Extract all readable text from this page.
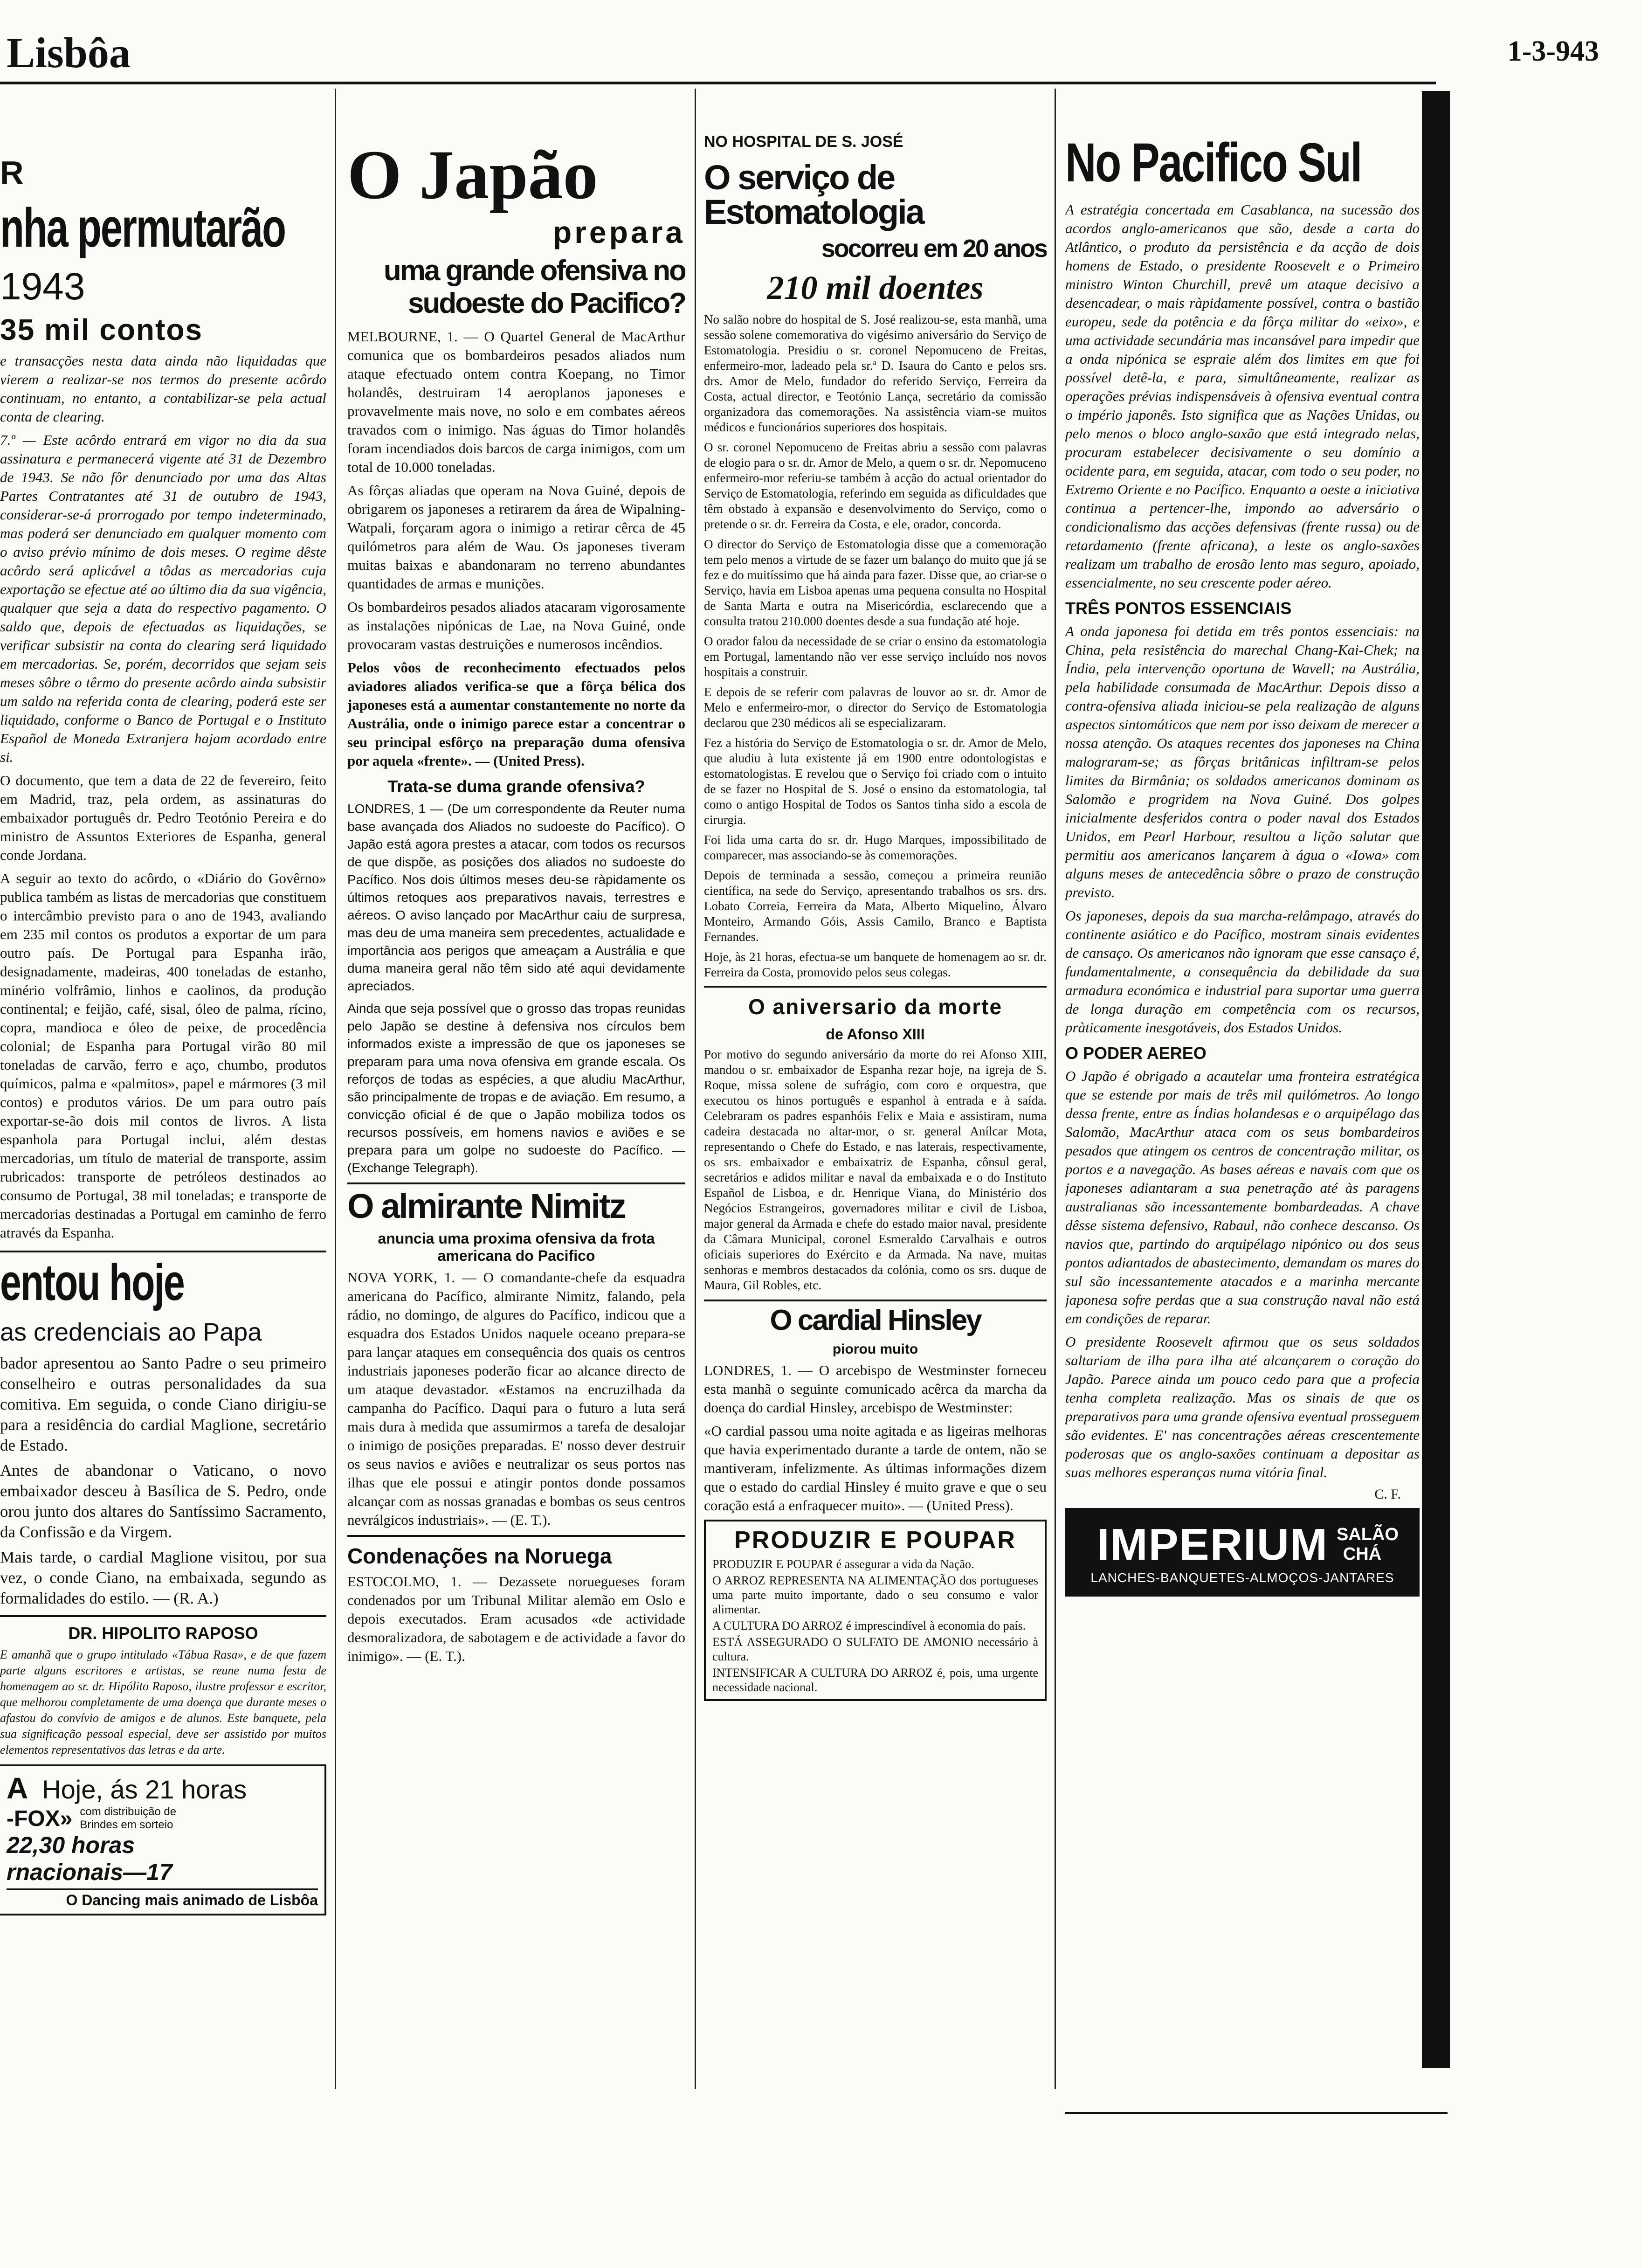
Lisbôa	1-3-943
R
nha permutarão
1943
35 mil contos

e transacções nesta data ainda não liquidadas que vierem a realizar-se nos termos do presente acôrdo continuam, no entanto, a contabilizar-se pela actual conta de clearing.

7.º — Este acôrdo entrará em vigor no dia da sua assinatura e permanecerá vigente até 31 de Dezembro de 1943. Se não fôr denunciado por uma das Altas Partes Contratantes até 31 de outubro de 1943, considerar-se-á prorrogado por tempo indeterminado, mas poderá ser denunciado em qualquer momento com o aviso prévio mínimo de dois meses. O regime dêste acôrdo será aplicável a tôdas as mercadorias cuja exportação se efectue até ao último dia da sua vigência, qualquer que seja a data do respectivo pagamento. O saldo que, depois de efectuadas as liquidações, se verificar subsistir na conta do clearing será liquidado em mercadorias. Se, porém, decorridos que sejam seis meses sôbre o têrmo do presente acôrdo ainda subsistir um saldo na referida conta de clearing, poderá este ser liquidado, conforme o Banco de Portugal e o Instituto Español de Moneda Extranjera hajam acordado entre si.

O documento, que tem a data de 22 de fevereiro, feito em Madrid, traz, pela ordem, as assinaturas do embaixador português dr. Pedro Teotónio Pereira e do ministro de Assuntos Exteriores de Espanha, general conde Jordana.

A seguir ao texto do acôrdo, o «Diário do Govêrno» publica também as listas de mercadorias que constituem o intercâmbio previsto para o ano de 1943, avaliando em 235 mil contos os produtos a exportar de um para outro país. De Portugal para Espanha irão, designadamente, madeiras, 400 toneladas de estanho, minério volfrâmio, linhos e caolinos, da produção continental; e feijão, café, sisal, óleo de palma, rícino, copra, mandioca e óleo de peixe, de procedência colonial; de Espanha para Portugal virão 80 mil toneladas de carvão, ferro e aço, chumbo, produtos químicos, palma e «palmitos», papel e mármores (3 mil contos) e produtos vários. De um para outro país exportar-se-ão dois mil contos de livros. A lista espanhola para Portugal inclui, além destas mercadorias, um título de material de transporte, assim rubricados: transporte de petróleos destinados ao consumo de Portugal, 38 mil toneladas; e transporte de mercadorias destinadas a Portugal em caminho de ferro através da Espanha.

entou hoje
as credenciais ao Papa

bador apresentou ao Santo Padre o seu primeiro conselheiro e outras personalidades da sua comitiva. Em seguida, o conde Ciano dirigiu-se para a residência do cardial Maglione, secretário de Estado.

Antes de abandonar o Vaticano, o novo embaixador desceu à Basílica de S. Pedro, onde orou junto dos altares do Santíssimo Sacramento, da Confissão e da Virgem.

Mais tarde, o cardial Maglione visitou, por sua vez, o conde Ciano, na embaixada, segundo as formalidades do estilo. — (R. A.)

DR. HIPOLITO RAPOSO

E amanhã que o grupo intitulado «Tábua Rasa», e de que fazem parte alguns escritores e artistas, se reune numa festa de homenagem ao sr. dr. Hipólito Raposo, ilustre professor e escritor, que melhorou completamente de uma doença que durante meses o afastou do convívio de amigos e de alunos. Este banquete, pela sua significação pessoal especial, deve ser assistido por muitos elementos representativos das letras e da arte.

A Hoje, ás 21 horas
-FOX» com distribuição de Brindes em sorteio
22,30 horas
rnacionais—17
O Dancing mais animado de Lisbôa
O Japão
prepara
uma grande ofensiva no sudoeste do Pacifico?

MELBOURNE, 1. — O Quartel General de MacArthur comunica que os bombardeiros pesados aliados num ataque efectuado ontem contra Koepang, no Timor holandês, destruiram 14 aeroplanos japoneses e provavelmente mais nove, no solo e em combates aéreos travados com o inimigo. Nas águas do Timor holandês foram incendiados dois barcos de carga inimigos, com um total de 10.000 toneladas.

As fôrças aliadas que operam na Nova Guiné, depois de obrigarem os japoneses a retirarem da área de Wipalning-Watpali, forçaram agora o inimigo a retirar cêrca de 45 quilómetros para além de Wau. Os japoneses tiveram muitas baixas e abandonaram no terreno abundantes quantidades de armas e munições.

Os bombardeiros pesados aliados atacaram vigorosamente as instalações nipónicas de Lae, na Nova Guiné, onde provocaram vastas destruições e numerosos incêndios.

Pelos vôos de reconhecimento efectuados pelos aviadores aliados verifica-se que a fôrça bélica dos japoneses está a aumentar constantemente no norte da Austrália, onde o inimigo parece estar a concentrar o seu principal esfôrço na preparação duma ofensiva por aquela «frente». — (United Press).

Trata-se duma grande ofensiva?

LONDRES, 1 — (De um correspondente da Reuter numa base avançada dos Aliados no sudoeste do Pacífico). O Japão está agora prestes a atacar, com todos os recursos de que dispõe, as posições dos aliados no sudoeste do Pacífico. Nos dois últimos meses deu-se ràpidamente os últimos retoques aos preparativos navais, terrestres e aéreos. O aviso lançado por MacArthur caiu de surpresa, mas deu de uma maneira sem precedentes, actualidade e importância aos perigos que ameaçam a Austrália e que duma maneira geral não têm sido até aqui devidamente apreciados.

Ainda que seja possível que o grosso das tropas reunidas pelo Japão se destine à defensiva nos círculos bem informados existe a impressão de que os japoneses se preparam para uma nova ofensiva em grande escala. Os reforços de todas as espécies, a que aludiu MacArthur, são principalmente de tropas e de aviação. Em resumo, a convicção oficial é de que o Japão mobiliza todos os recursos possíveis, em homens navios e aviões e se prepara para um golpe no sudoeste do Pacífico. — (Exchange Telegraph).

O almirante Nimitz
anuncia uma proxima ofensiva da frota americana do Pacifico

NOVA YORK, 1. — O comandante-chefe da esquadra americana do Pacífico, almirante Nimitz, falando, pela rádio, no domingo, de algures do Pacífico, indicou que a esquadra dos Estados Unidos naquele oceano prepara-se para lançar ataques em consequência dos quais os centros industriais japoneses poderão ficar ao alcance directo de um ataque devastador. «Estamos na encruzilhada da campanha do Pacífico. Daqui para o futuro a luta será mais dura à medida que assumirmos a tarefa de desalojar o inimigo de posições preparadas. E' nosso dever destruir os seus navios e aviões e neutralizar os seus portos nas ilhas que ele possui e atingir pontos donde possamos alcançar com as nossas granadas e bombas os seus centros nevrálgicos industriais». — (E. T.).

Condenações na Noruega

ESTOCOLMO, 1. — Dezassete noruegueses foram condenados por um Tribunal Militar alemão em Oslo e depois executados. Eram acusados «de actividade desmoralizadora, de sabotagem e de actividade a favor do inimigo». — (E. T.).

NO HOSPITAL DE S. JOSÉ
O serviço de Estomatologia
socorreu em 20 anos
210 mil doentes

No salão nobre do hospital de S. José realizou-se, esta manhã, uma sessão solene comemorativa do vigésimo aniversário do Serviço de Estomatologia. Presidiu o sr. coronel Nepomuceno de Freitas, enfermeiro-mor, ladeado pela sr.ª D. Isaura do Canto e pelos srs. drs. Amor de Melo, fundador do referido Serviço, Ferreira da Costa, actual director, e Teotónio Lança, secretário da comissão organizadora das comemorações. Na assistência viam-se muitos médicos e funcionários superiores dos hospitais.

O sr. coronel Nepomuceno de Freitas abriu a sessão com palavras de elogio para o sr. dr. Amor de Melo, a quem o sr. dr. Nepomuceno enfermeiro-mor referiu-se também à acção do actual orientador do Serviço de Estomatologia, referindo em seguida as dificuldades que têm obstado à expansão e desenvolvimento do Serviço, como o pretende o sr. dr. Ferreira da Costa, e ele, orador, concorda.

O director do Serviço de Estomatologia disse que a comemoração tem pelo menos a virtude de se fazer um balanço do muito que já se fez e do muitíssimo que há ainda para fazer. Disse que, ao criar-se o Serviço, havia em Lisboa apenas uma pequena consulta no Hospital de Santa Marta e outra na Misericórdia, esclarecendo que a consulta tratou 210.000 doentes desde a sua fundação até hoje.

O orador falou da necessidade de se criar o ensino da estomatologia em Portugal, lamentando não ver esse serviço incluído nos novos hospitais a construir.

E depois de se referir com palavras de louvor ao sr. dr. Amor de Melo e enfermeiro-mor, o director do Serviço de Estomatologia declarou que 230 médicos ali se especializaram.

Fez a história do Serviço de Estomatologia o sr. dr. Amor de Melo, que aludiu à luta existente já em 1900 entre odontologistas e estomatologistas. E revelou que o Serviço foi criado com o intuito de se fazer no Hospital de S. José o ensino da estomatologia, tal como o antigo Hospital de Todos os Santos tinha sido a escola de cirurgia.

Foi lida uma carta do sr. dr. Hugo Marques, impossibilitado de comparecer, mas associando-se às comemorações.

Depois de terminada a sessão, começou a primeira reunião científica, na sede do Serviço, apresentando trabalhos os srs. drs. Lobato Correia, Ferreira da Mata, Alberto Miquelino, Álvaro Monteiro, Armando Góis, Assis Camilo, Branco e Baptista Fernandes.

Hoje, às 21 horas, efectua-se um banquete de homenagem ao sr. dr. Ferreira da Costa, promovido pelos seus colegas.

O aniversario da morte
de Afonso XIII

Por motivo do segundo aniversário da morte do rei Afonso XIII, mandou o sr. embaixador de Espanha rezar hoje, na igreja de S. Roque, missa solene de sufrágio, com coro e orquestra, que executou os hinos português e espanhol à entrada e à saída. Celebraram os padres espanhóis Felix e Maia e assistiram, numa cadeira destacada no altar-mor, o sr. general Anílcar Mota, representando o Chefe do Estado, e nas laterais, respectivamente, os srs. embaixador e embaixatriz de Espanha, cônsul geral, secretários e adidos militar e naval da embaixada e o do Instituto Español de Lisboa, e dr. Henrique Viana, do Ministério dos Negócios Estrangeiros, governadores militar e civil de Lisboa, major general da Armada e chefe do estado maior naval, presidente da Câmara Municipal, coronel Esmeraldo Carvalhais e outros oficiais superiores do Exército e da Armada. Na nave, muitas senhoras e membros destacados da colónia, como os srs. duque de Maura, Gil Robles, etc.

O cardial Hinsley
piorou muito

LONDRES, 1. — O arcebispo de Westminster forneceu esta manhã o seguinte comunicado acêrca da marcha da doença do cardial Hinsley, arcebispo de Westminster:

«O cardial passou uma noite agitada e as ligeiras melhoras que havia experimentado durante a tarde de ontem, não se mantiveram, infelizmente. As últimas informações dizem que o estado do cardial Hinsley é muito grave e que o seu coração está a enfraquecer muito». — (United Press).

PRODUZIR E POUPAR

PRODUZIR E POUPAR é assegurar a vida da Nação.

O ARROZ REPRESENTA NA ALIMENTAÇÃO dos portugueses uma parte muito importante, dado o seu consumo e valor alimentar.

A CULTURA DO ARROZ é imprescindível à economia do país.

ESTÁ ASSEGURADO O SULFATO DE AMONIO necessário à cultura.

INTENSIFICAR A CULTURA DO ARROZ é, pois, uma urgente necessidade nacional.

No Pacifico Sul

A estratégia concertada em Casablanca, na sucessão dos acordos anglo-americanos que são, desde a carta do Atlântico, o produto da persistência e da acção de dois homens de Estado, o presidente Roosevelt e o Primeiro ministro Winton Churchill, prevê um ataque decisivo a desencadear, o mais ràpidamente possível, contra o bastião europeu, sede da potência e da fôrça militar do «eixo», e uma actividade secundária mas incansável para impedir que a onda nipónica se espraie além dos limites em que foi possível detê-la, e para, simultâneamente, realizar as operações prévias indispensáveis à ofensiva eventual contra o império japonês. Isto significa que as Nações Unidas, ou pelo menos o bloco anglo-saxão que está integrado nelas, procuram estabelecer decisivamente o seu domínio a ocidente para, em seguida, atacar, com todo o seu poder, no Extremo Oriente e no Pacífico. Enquanto a oeste a iniciativa continua a pertencer-lhe, impondo ao adversário o condicionalismo das acções defensivas (frente russa) ou de retardamento (frente africana), a leste os anglo-saxões realizam um trabalho de erosão lento mas seguro, apoiado, essencialmente, no seu crescente poder aéreo.

TRÊS PONTOS ESSENCIAIS

A onda japonesa foi detida em três pontos essenciais: na China, pela resistência do marechal Chang-Kai-Chek; na Índia, pela intervenção oportuna de Wavell; na Austrália, pela habilidade consumada de MacArthur. Depois disso a contra-ofensiva aliada iniciou-se pela realização de alguns aspectos sintomáticos que nem por isso deixam de merecer a nossa atenção. Os ataques recentes dos japoneses na China malograram-se; as fôrças britânicas infiltram-se pelos limites da Birmânia; os soldados americanos dominam as Salomão e progridem na Nova Guiné. Dos golpes inicialmente desferidos contra o poder naval dos Estados Unidos, em Pearl Harbour, resultou a lição salutar que permitiu aos americanos lançarem à água o «Iowa» com alguns meses de antecedência sôbre o prazo de construção previsto.

Os japoneses, depois da sua marcha-relâmpago, através do continente asiático e do Pacífico, mostram sinais evidentes de cansaço. Os americanos não ignoram que esse cansaço é, fundamentalmente, a consequência da debilidade da sua armadura económica e industrial para suportar uma guerra de longa duração em competência com os recursos, pràticamente inesgotáveis, dos Estados Unidos.

O PODER AEREO

O Japão é obrigado a acautelar uma fronteira estratégica que se estende por mais de três mil quilómetros. Ao longo dessa frente, entre as Índias holandesas e o arquipélago das Salomão, MacArthur ataca com os seus bombardeiros pesados que atingem os centros de concentração militar, os portos e a navegação. As bases aéreas e navais com que os japoneses adiantaram a sua penetração até às paragens australianas são incessantemente bombardeadas. A chave dêsse sistema defensivo, Rabaul, não conhece descanso. Os navios que, partindo do arquipélago nipónico ou dos seus pontos adiantados de abastecimento, demandam os mares do sul são incessantemente atacados e a marinha mercante japonesa sofre perdas que a sua construção naval não está em condições de reparar.

O presidente Roosevelt afirmou que os seus soldados saltariam de ilha para ilha até alcançarem o coração do Japão. Parece ainda um pouco cedo para que a profecia tenha completa realização. Mas os sinais de que os preparativos para uma grande ofensiva eventual prosseguem são evidentes. E' nas concentrações aéreas crescentemente poderosas que os anglo-saxões continuam a depositar as suas melhores esperanças numa vitória final.

C. F.
IMPERIUM SALÃO CHÁ
LANCHES-BANQUETES-ALMOÇOS-JANTARES
